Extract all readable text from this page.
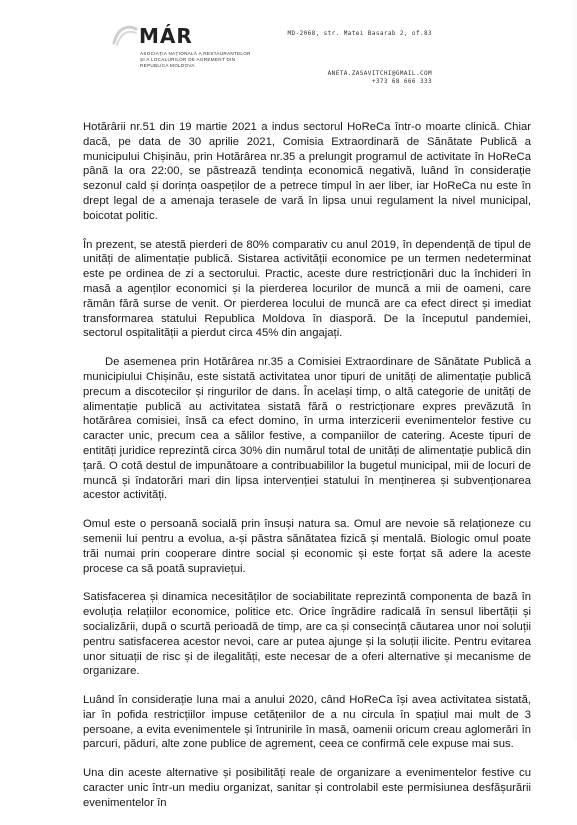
MÁR
ASOCIAȚIA NAȚIONALĂ A RESTAURANTELOR ȘI A LOCALURILOR DE AGREMENT DIN REPUBLICA MOLDOVA
MD-2068, str. Matei Basarab 2, of.83
ANETA.ZASAVITCHI@GMAIL.COM
+373 68 666 333

Hotărârii nr.51 din 19 martie 2021 a indus sectorul HoReCa într-o moarte clinică. Chiar dacă, pe data de 30 aprilie 2021, Comisia Extraordinară de Sănătate Publică a municipului Chișinău, prin Hotărârea nr.35 a prelungit programul de activitate în HoReCa până la ora 22:00, se păstrează tendința economică negativă, luând în considerație sezonul cald și dorința oaspeților de a petrece timpul în aer liber, iar HoReCa nu este în drept legal de a amenaja terasele de vară în lipsa unui regulament la nivel municipal, boicotat politic.

În prezent, se atestă pierderi de 80% comparativ cu anul 2019, în dependență de tipul de unități de alimentație publică. Sistarea activității economice pe un termen nedeterminat este pe ordinea de zi a sectorului. Practic, aceste dure restricționări duc la închideri în masă a agenților economici și la pierderea locurilor de muncă a mii de oameni, care rămân fără surse de venit. Or pierderea locului de muncă are ca efect direct și imediat transformarea statului Republica Moldova în diasporă. De la începutul pandemiei, sectorul ospitalității a pierdut circa 45% din angajați.

De asemenea prin Hotărârea nr.35 a Comisiei Extraordinare de Sănătate Publică a municipiului Chișinău, este sistată activitatea unor tipuri de unități de alimentație publică precum a discotecilor și ringurilor de dans. În același timp, o altă categorie de unități de alimentație publică au activitatea sistată fără o restricționare expres prevăzută în hotărârea comisiei, însă ca efect domino, în urma interzicerii evenimentelor festive cu caracter unic, precum cea a sălilor festive, a companiilor de catering. Aceste tipuri de entități juridice reprezintă circa 30% din numărul total de unități de alimentație publică din țară. O cotă destul de impunătoare a contribuabililor la bugetul municipal, mii de locuri de muncă și îndatorări mari din lipsa intervenției statului în menținerea și subvenționarea acestor activități.

Omul este o persoană socială prin însuși natura sa. Omul are nevoie să relaționeze cu semenii lui pentru a evolua, a-și păstra sănătatea fizică și mentală. Biologic omul poate trăi numai prin cooperare dintre social și economic și este forțat să adere la aceste procese ca să poată supraviețui.

Satisfacerea și dinamica necesităților de sociabilitate reprezintă componenta de bază în evoluția relațiilor economice, politice etc. Orice îngrădire radicală în sensul libertății și socializării, după o scurtă perioadă de timp, are ca și consecință căutarea unor noi soluții pentru satisfacerea acestor nevoi, care ar putea ajunge și la soluții ilicite. Pentru evitarea unor situații de risc și de ilegalități, este necesar de a oferi alternative și mecanisme de organizare.

Luând în considerație luna mai a anului 2020, când HoReCa își avea activitatea sistată, iar în pofida restricțiilor impuse cetățenilor de a nu circula în spațiul mai mult de 3 persoane, a evita evenimentele și întrunirile în masă, oamenii oricum creau aglomerări în parcuri, păduri, alte zone publice de agrement, ceea ce confirmă cele expuse mai sus.

Una din aceste alternative și posibilități reale de organizare a evenimentelor festive cu caracter unic într-un mediu organizat, sanitar și controlabil este permisiunea desfășurării evenimentelor în
